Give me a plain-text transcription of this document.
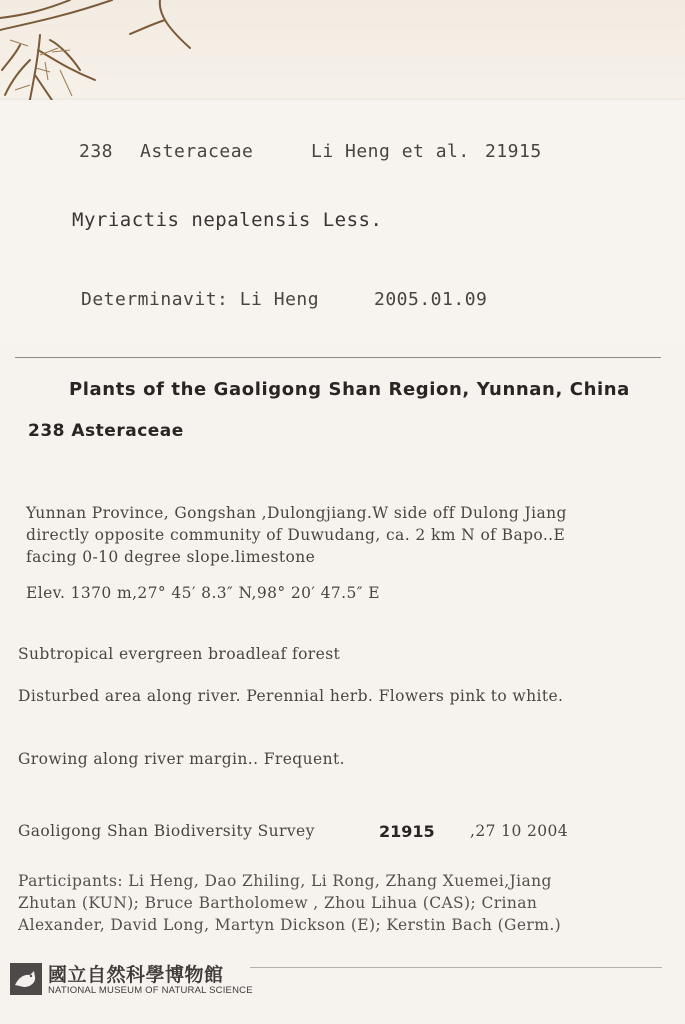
238 Asteraceae	Li Heng et al. 21915
Myriactis nepalensis Less.
Determinavit: Li Heng	2005.01.09
Plants of the Gaoligong Shan Region, Yunnan, China
238 Asteraceae
Yunnan Province, Gongshan ,Dulongjiang.W side off Dulong Jiang
directly opposite community of Duwudang, ca. 2 km N of Bapo..E
facing 0-10 degree slope.limestone
Elev. 1370 m,27° 45′ 8.3″ N,98° 20′ 47.5″ E
Subtropical evergreen broadleaf forest
Disturbed area along river. Perennial herb. Flowers pink to white.
Growing along river margin.. Frequent.
Gaoligong Shan Biodiversity Survey	21915 ,27 10 2004
Participants: Li Heng, Dao Zhiling, Li Rong, Zhang Xuemei,Jiang
Zhutan (KUN); Bruce Bartholomew , Zhou Lihua (CAS); Crinan
Alexander, David Long, Martyn Dickson (E); Kerstin Bach (Germ.)
國立自然科學博物館
NATIONAL MUSEUM OF NATURAL SCIENCE
